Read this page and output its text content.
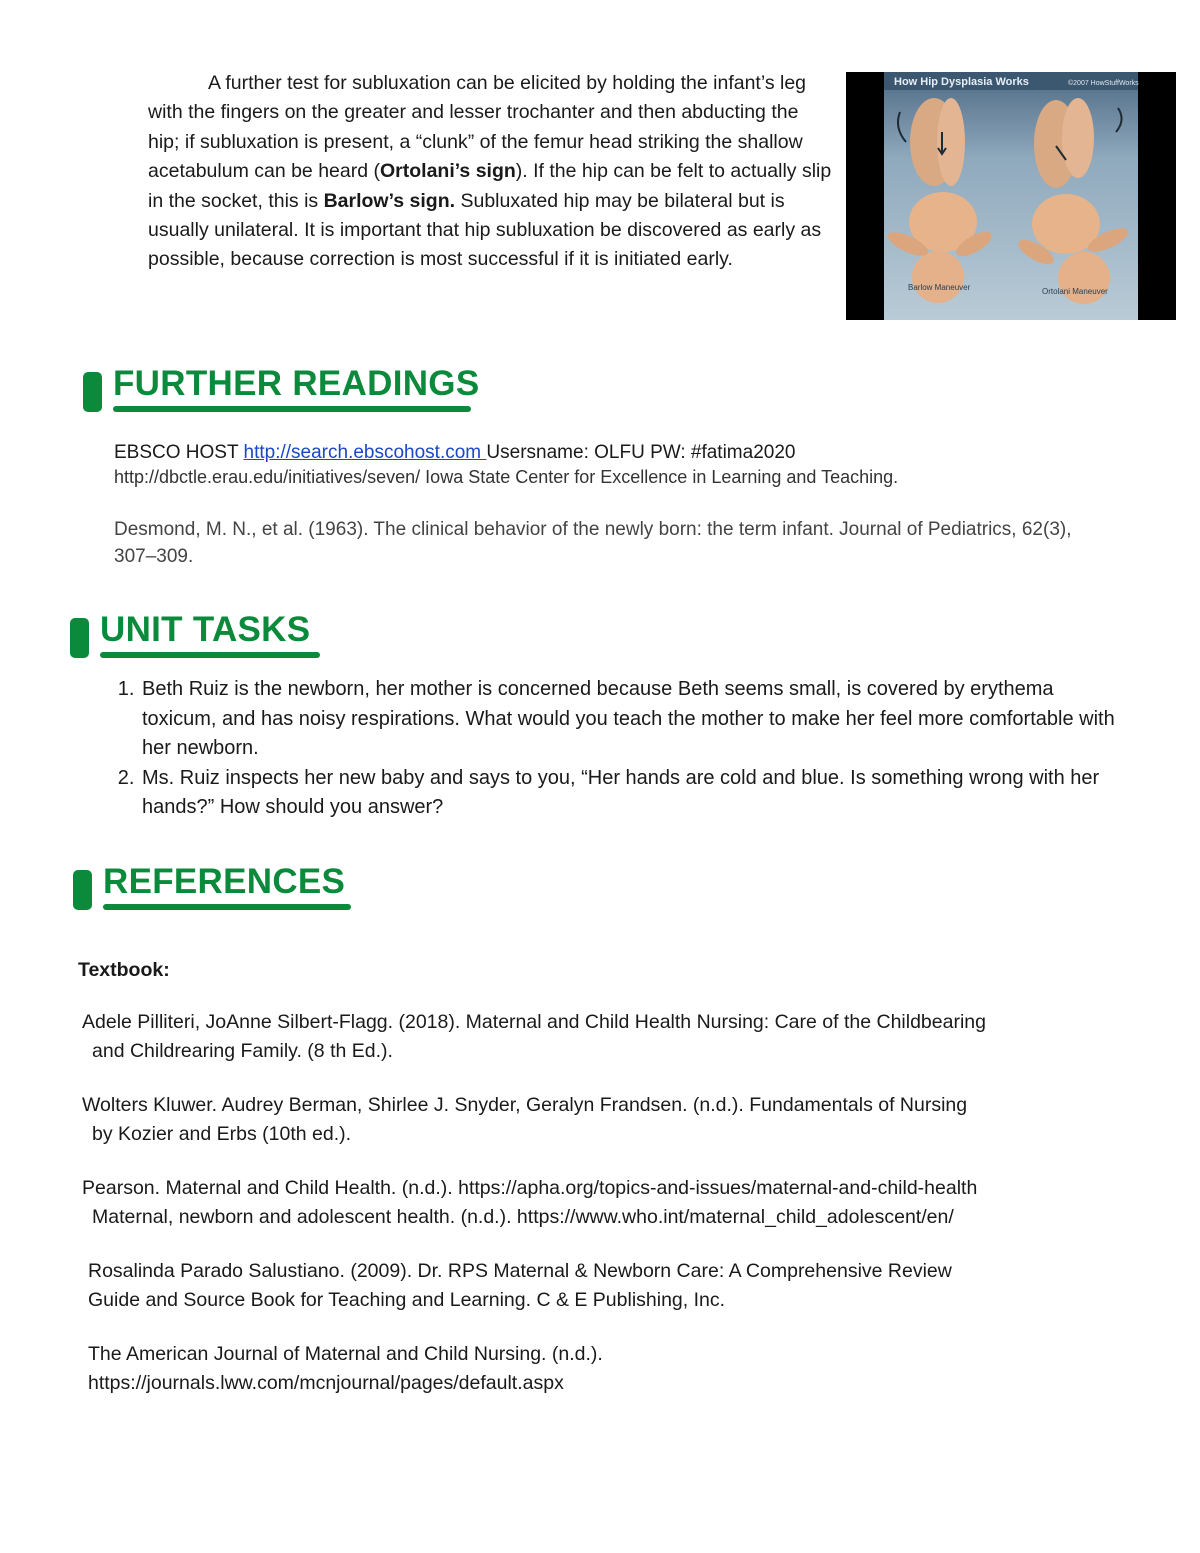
A further test for subluxation can be elicited by holding the infant’s leg with the fingers on the greater and lesser trochanter and then abducting the hip; if subluxation is present, a “clunk” of the femur head striking the shallow acetabulum can be heard (Ortolani’s sign). If the hip can be felt to actually slip in the socket, this is Barlow’s sign. Subluxated hip may be bilateral but is usually unilateral. It is important that hip subluxation be discovered as early as possible, because correction is most successful if it is initiated early.

How Hip Dysplasia Works	©2007 HowStuffWorks
Barlow Maneuver	Ortolani Maneuver
FURTHER READINGS

EBSCO HOST http://search.ebscohost.com Usersname: OLFU PW: #fatima2020

http://dbctle.erau.edu/initiatives/seven/ Iowa State Center for Excellence in Learning and Teaching.

Desmond, M. N., et al. (1963). The clinical behavior of the newly born: the term infant. Journal of Pediatrics, 62(3), 307–309.

UNIT TASKS
1. Beth Ruiz is the newborn, her mother is concerned because Beth seems small, is covered by erythema toxicum, and has noisy respirations. What would you teach the mother to make her feel more comfortable with her newborn.
2. Ms. Ruiz inspects her new baby and says to you, “Her hands are cold and blue. Is something wrong with her hands?” How should you answer?
REFERENCES

Textbook:

Adele Pilliteri, JoAnne Silbert-Flagg. (2018). Maternal and Child Health Nursing: Care of the Childbearing
and Childrearing Family. (8 th Ed.).

Wolters Kluwer. Audrey Berman, Shirlee J. Snyder, Geralyn Frandsen. (n.d.). Fundamentals of Nursing
by Kozier and Erbs (10th ed.).

Pearson. Maternal and Child Health. (n.d.). https://apha.org/topics-and-issues/maternal-and-child-health
Maternal, newborn and adolescent health. (n.d.). https://www.who.int/maternal_child_adolescent/en/

Rosalinda Parado Salustiano. (2009). Dr. RPS Maternal & Newborn Care: A Comprehensive Review
Guide and Source Book for Teaching and Learning. C & E Publishing, Inc.

The American Journal of Maternal and Child Nursing. (n.d.).
https://journals.lww.com/mcnjournal/pages/default.aspx
